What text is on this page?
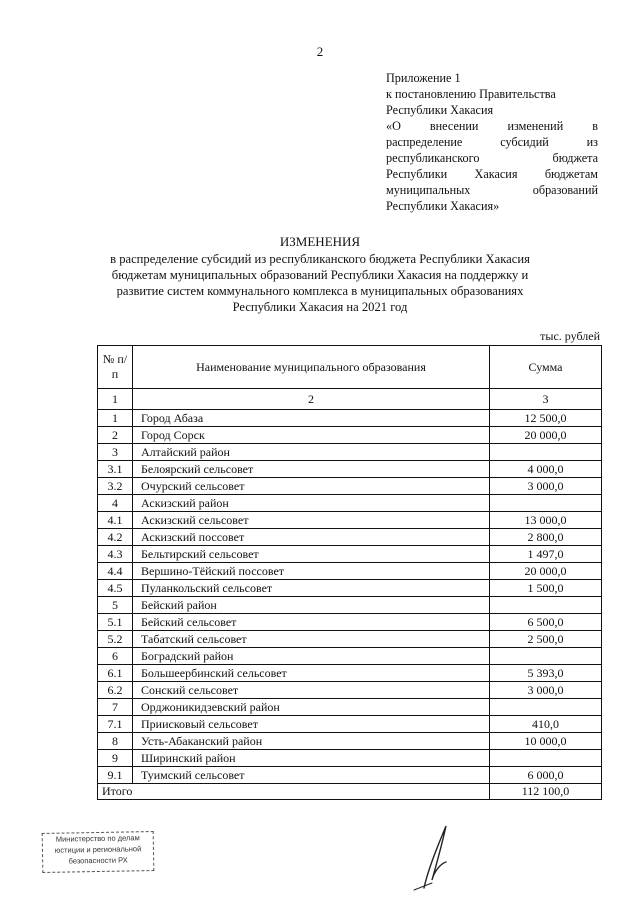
2
Приложение 1
к постановлению Правительства
Республики Хакасия
«О внесении изменений в
распределение субсидий из
республиканского бюджета
Республики Хакасия бюджетам
муниципальных образований
Республики Хакасия»
ИЗМЕНЕНИЯ
в распределение субсидий из республиканского бюджета Республики Хакасия
бюджетам муниципальных образований Республики Хакасия на поддержку и
развитие систем коммунального комплекса в муниципальных образованиях
Республики Хакасия на 2021 год
тыс. рублей
№ п/п	Наименование муниципального образования	Сумма
1	2	3
1	Город Абаза	12 500,0
2	Город Сорск	20 000,0
3	Алтайский район	
3.1	Белоярский сельсовет	4 000,0
3.2	Очурский сельсовет	3 000,0
4	Аскизский район	
4.1	Аскизский сельсовет	13 000,0
4.2	Аскизский поссовет	2 800,0
4.3	Бельтирский сельсовет	1 497,0
4.4	Вершино-Тёйский поссовет	20 000,0
4.5	Пуланкольский сельсовет	1 500,0
5	Бейский район	
5.1	Бейский сельсовет	6 500,0
5.2	Табатский сельсовет	2 500,0
6	Боградский район	
6.1	Большеербинский сельсовет	5 393,0
6.2	Сонский сельсовет	3 000,0
7	Орджоникидзевский район	
7.1	Приисковый сельсовет	410,0
8	Усть-Абаканский район	10 000,0
9	Ширинский район	
9.1	Туимский сельсовет	6 000,0
Итого		112 100,0
Министерство по делам
юстиции и региональной
безопасности РХ
